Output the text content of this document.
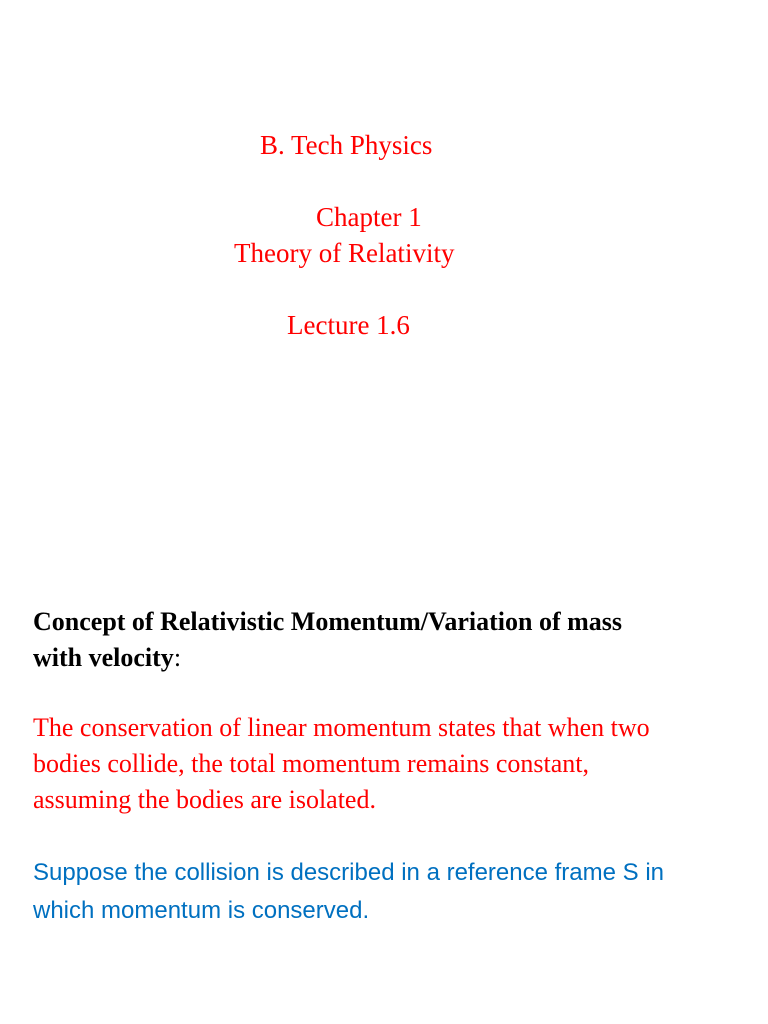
B. Tech Physics
Chapter 1
Theory of Relativity
Lecture 1.6
Concept of Relativistic Momentum/Variation of mass
with velocity:
The conservation of linear momentum states that when two
bodies collide, the total momentum remains constant,
assuming the bodies are isolated.
Suppose the collision is described in a reference frame S in
which momentum is conserved.
